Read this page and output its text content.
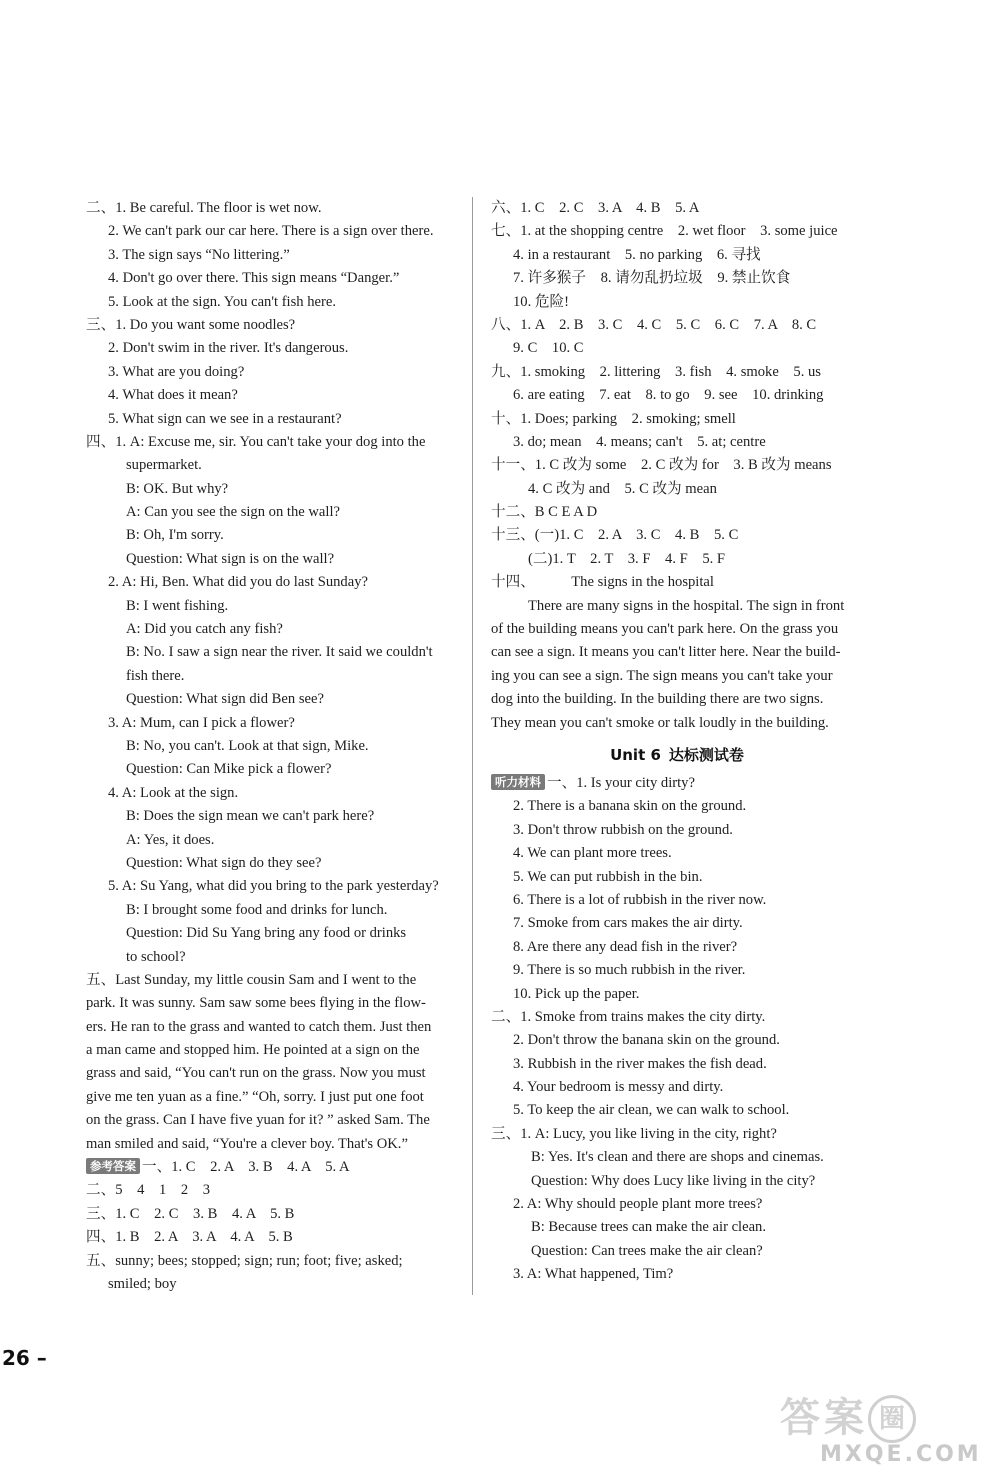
二、1. Be careful. The floor is wet now.
2. We can't park our car here. There is a sign over there.
3. The sign says “No littering.”
4. Don't go over there. This sign means “Danger.”
5. Look at the sign. You can't fish here.
三、1. Do you want some noodles?
2. Don't swim in the river. It's dangerous.
3. What are you doing?
4. What does it mean?
5. What sign can we see in a restaurant?
四、1. A: Excuse me, sir. You can't take your dog into the
supermarket.
B: OK. But why?
A: Can you see the sign on the wall?
B: Oh, I'm sorry.
Question: What sign is on the wall?
2. A: Hi, Ben. What did you do last Sunday?
B: I went fishing.
A: Did you catch any fish?
B: No. I saw a sign near the river. It said we couldn't
fish there.
Question: What sign did Ben see?
3. A: Mum, can I pick a flower?
B: No, you can't. Look at that sign, Mike.
Question: Can Mike pick a flower?
4. A: Look at the sign.
B: Does the sign mean we can't park here?
A: Yes, it does.
Question: What sign do they see?
5. A: Su Yang, what did you bring to the park yesterday?
B: I brought some food and drinks for lunch.
Question: Did Su Yang bring any food or drinks
to school?
五、Last Sunday, my little cousin Sam and I went to the
park. It was sunny. Sam saw some bees flying in the flow-
ers. He ran to the grass and wanted to catch them. Just then
a man came and stopped him. He pointed at a sign on the
grass and said, “You can't run on the grass. Now you must
give me ten yuan as a fine.” “Oh, sorry. I just put one foot
on the grass. Can I have five yuan for it? ” asked Sam. The
man smiled and said, “You're a clever boy. That's OK.”
参考答案 一、1. C　2. A　3. B　4. A　5. A
二、5　4　1　2　3
三、1. C　2. C　3. B　4. A　5. B
四、1. B　2. A　3. A　4. A　5. B
五、sunny; bees; stopped; sign; run; foot; five; asked;
smiled; boy
六、1. C　2. C　3. A　4. B　5. A
七、1. at the shopping centre　2. wet floor　3. some juice
4. in a restaurant　5. no parking　6. 寻找
7. 许多猴子　8. 请勿乱扔垃圾　9. 禁止饮食
10. 危险!
八、1. A　2. B　3. C　4. C　5. C　6. C　7. A　8. C
9. C　10. C
九、1. smoking　2. littering　3. fish　4. smoke　5. us
6. are eating　7. eat　8. to go　9. see　10. drinking
十、1. Does; parking　2. smoking; smell
3. do; mean　4. means; can't　5. at; centre
十一、1. C 改为 some　2. C 改为 for　3. B 改为 means
4. C 改为 and　5. C 改为 mean
十二、B C E A D
十三、(一)1. C　2. A　3. C　4. B　5. C
(二)1. T　2. T　3. F　4. F　5. F
十四、　　　The signs in the hospital
There are many signs in the hospital. The sign in front
of the building means you can't park here. On the grass you
can see a sign. It means you can't litter here. Near the build-
ing you can see a sign. The sign means you can't take your
dog into the building. In the building there are two signs.
They mean you can't smoke or talk loudly in the building.
Unit 6 达标测试卷
听力材料 一、1. Is your city dirty?
2. There is a banana skin on the ground.
3. Don't throw rubbish on the ground.
4. We can plant more trees.
5. We can put rubbish in the bin.
6. There is a lot of rubbish in the river now.
7. Smoke from cars makes the air dirty.
8. Are there any dead fish in the river?
9. There is so much rubbish in the river.
10. Pick up the paper.
二、1. Smoke from trains makes the city dirty.
2. Don't throw the banana skin on the ground.
3. Rubbish in the river makes the fish dead.
4. Your bedroom is messy and dirty.
5. To keep the air clean, we can walk to school.
三、1. A: Lucy, you like living in the city, right?
B: Yes. It's clean and there are shops and cinemas.
Question: Why does Lucy like living in the city?
2. A: Why should people plant more trees?
B: Because trees can make the air clean.
Question: Can trees make the air clean?
3. A: What happened, Tim?
26 –
答案 圈
MXQE.COM
